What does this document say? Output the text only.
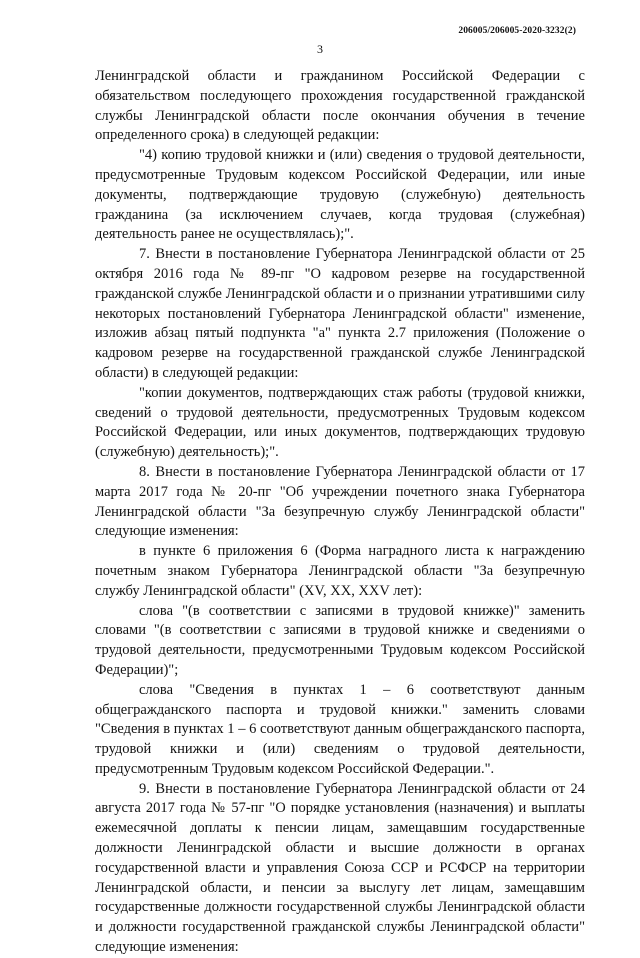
206005/206005-2020-3232(2)
3

Ленинградской области и гражданином Российской Федерации с обязательством последующего прохождения государственной гражданской службы Ленинградской области после окончания обучения в течение определенного срока) в следующей редакции:

"4) копию трудовой книжки и (или) сведения о трудовой деятельности, предусмотренные Трудовым кодексом Российской Федерации, или иные документы, подтверждающие трудовую (служебную) деятельность гражданина (за исключением случаев, когда трудовая (служебная) деятельность ранее не осуществлялась);".

7. Внести в постановление Губернатора Ленинградской области от 25 октября 2016 года № 89-пг "О кадровом резерве на государственной гражданской службе Ленинградской области и о признании утратившими силу некоторых постановлений Губернатора Ленинградской области" изменение, изложив абзац пятый подпункта "а" пункта 2.7 приложения (Положение о кадровом резерве на государственной гражданской службе Ленинградской области) в следующей редакции:

"копии документов, подтверждающих стаж работы (трудовой книжки, сведений о трудовой деятельности, предусмотренных Трудовым кодексом Российской Федерации, или иных документов, подтверждающих трудовую (служебную) деятельность);".

8. Внести в постановление Губернатора Ленинградской области от 17 марта 2017 года № 20-пг "Об учреждении почетного знака Губернатора Ленинградской области "За безупречную службу Ленинградской области" следующие изменения:

в пункте 6 приложения 6 (Форма наградного листа к награждению почетным знаком Губернатора Ленинградской области "За безупречную службу Ленинградской области" (XV, XX, XXV лет):

слова "(в соответствии с записями в трудовой книжке)" заменить словами "(в соответствии с записями в трудовой книжке и сведениями о трудовой деятельности, предусмотренными Трудовым кодексом Российской Федерации)";

слова "Сведения в пунктах 1 – 6 соответствуют данным общегражданского паспорта и трудовой книжки." заменить словами "Сведения в пунктах 1 – 6 соответствуют данным общегражданского паспорта, трудовой книжки и (или) сведениям о трудовой деятельности, предусмотренным Трудовым кодексом Российской Федерации.".

9. Внести в постановление Губернатора Ленинградской области от 24 августа 2017 года № 57-пг "О порядке установления (назначения) и выплаты ежемесячной доплаты к пенсии лицам, замещавшим государственные должности Ленинградской области и высшие должности в органах государственной власти и управления Союза ССР и РСФСР на территории Ленинградской области, и пенсии за выслугу лет лицам, замещавшим государственные должности государственной службы Ленинградской области и должности государственной гражданской службы Ленинградской области" следующие изменения:
